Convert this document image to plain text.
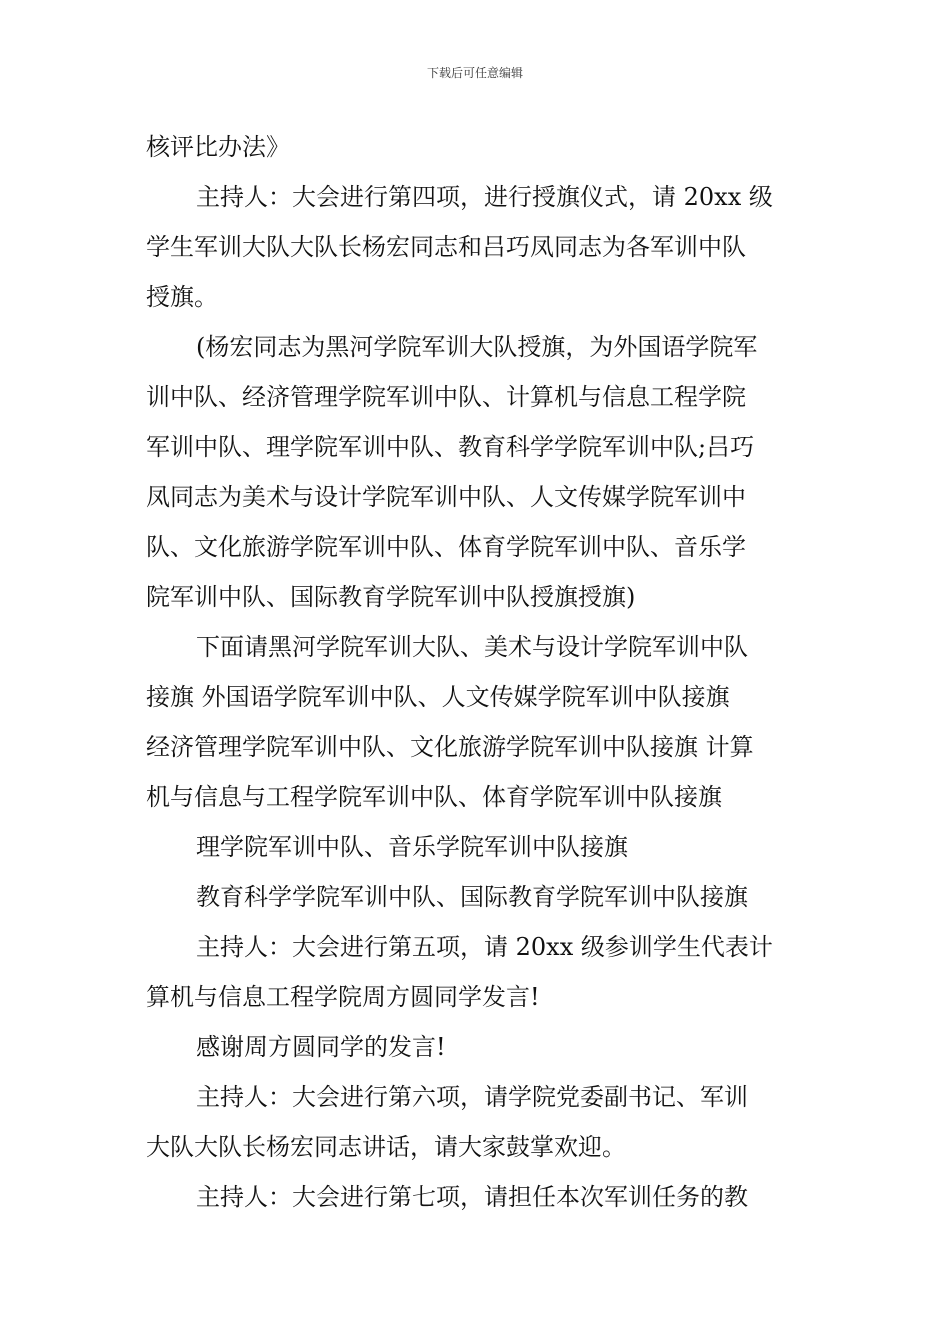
下载后可任意编辑
核评比办法》
主持人：大会进行第四项，进行授旗仪式，请 20xx 级
学生军训大队大队长杨宏同志和吕巧凤同志为各军训中队
授旗。
(杨宏同志为黑河学院军训大队授旗，为外国语学院军
训中队、经济管理学院军训中队、计算机与信息工程学院
军训中队、理学院军训中队、教育科学学院军训中队;吕巧
凤同志为美术与设计学院军训中队、人文传媒学院军训中
队、文化旅游学院军训中队、体育学院军训中队、音乐学
院军训中队、国际教育学院军训中队授旗授旗)
下面请黑河学院军训大队、美术与设计学院军训中队
接旗 外国语学院军训中队、人文传媒学院军训中队接旗
经济管理学院军训中队、文化旅游学院军训中队接旗 计算
机与信息与工程学院军训中队、体育学院军训中队接旗
理学院军训中队、音乐学院军训中队接旗
教育科学学院军训中队、国际教育学院军训中队接旗
主持人：大会进行第五项，请 20xx 级参训学生代表计
算机与信息工程学院周方圆同学发言!
感谢周方圆同学的发言!
主持人：大会进行第六项，请学院党委副书记、军训
大队大队长杨宏同志讲话，请大家鼓掌欢迎。
主持人：大会进行第七项，请担任本次军训任务的教
